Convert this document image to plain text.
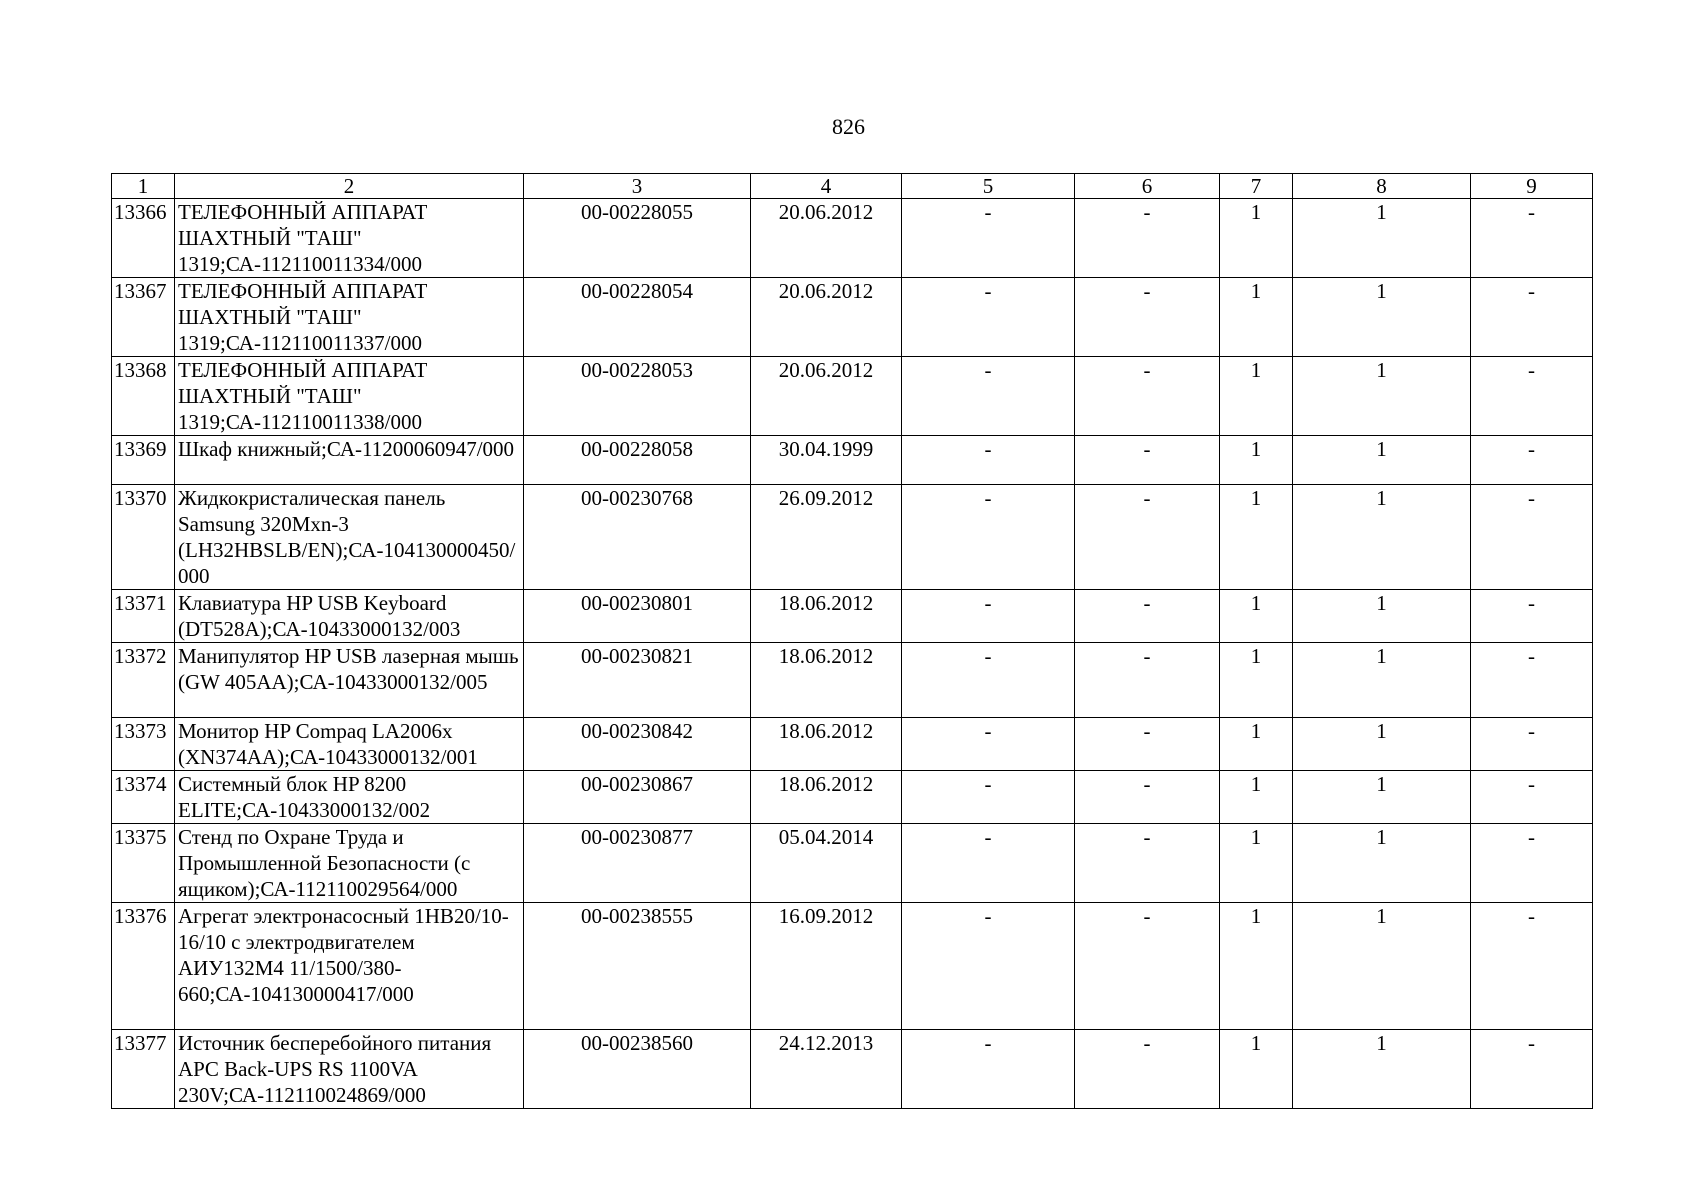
826
1	2	3	4	5	6	7	8	9
13366	ТЕЛЕФОННЫЙ АППАРАТ ШАХТНЫЙ "ТАШ" 1319;СА-112110011334/000	00-00228055	20.06.2012	-	-	1	1	-
13367	ТЕЛЕФОННЫЙ АППАРАТ ШАХТНЫЙ "ТАШ" 1319;СА-112110011337/000	00-00228054	20.06.2012	-	-	1	1	-
13368	ТЕЛЕФОННЫЙ АППАРАТ ШАХТНЫЙ "ТАШ" 1319;СА-112110011338/000	00-00228053	20.06.2012	-	-	1	1	-
13369	Шкаф книжный;СА-11200060947/000	00-00228058	30.04.1999	-	-	1	1	-
13370	Жидкокристалическая панель Samsung 320Mxn-3 (LH32HBSLB/EN);СА-104130000450/000	00-00230768	26.09.2012	-	-	1	1	-
13371	Клавиатура HP USB Keyboard (DT528A);СА-10433000132/003	00-00230801	18.06.2012	-	-	1	1	-
13372	Манипулятор HP USB лазерная мышь (GW 405AA);СА-10433000132/005	00-00230821	18.06.2012	-	-	1	1	-
13373	Монитор HP Compaq LA2006x (XN374AA);СА-10433000132/001	00-00230842	18.06.2012	-	-	1	1	-
13374	Системный блок HP 8200 ELITE;СА-10433000132/002	00-00230867	18.06.2012	-	-	1	1	-
13375	Стенд по Охране Труда и Промышленной Безопасности (с ящиком);СА-112110029564/000	00-00230877	05.04.2014	-	-	1	1	-
13376	Агрегат электронасосный 1НВ20/10-16/10 с электродвигателем АИУ132М4 11/1500/380-660;СА-104130000417/000	00-00238555	16.09.2012	-	-	1	1	-
13377	Источник бесперебойного питания APC Back-UPS RS 1100VA 230V;СА-112110024869/000	00-00238560	24.12.2013	-	-	1	1	-
